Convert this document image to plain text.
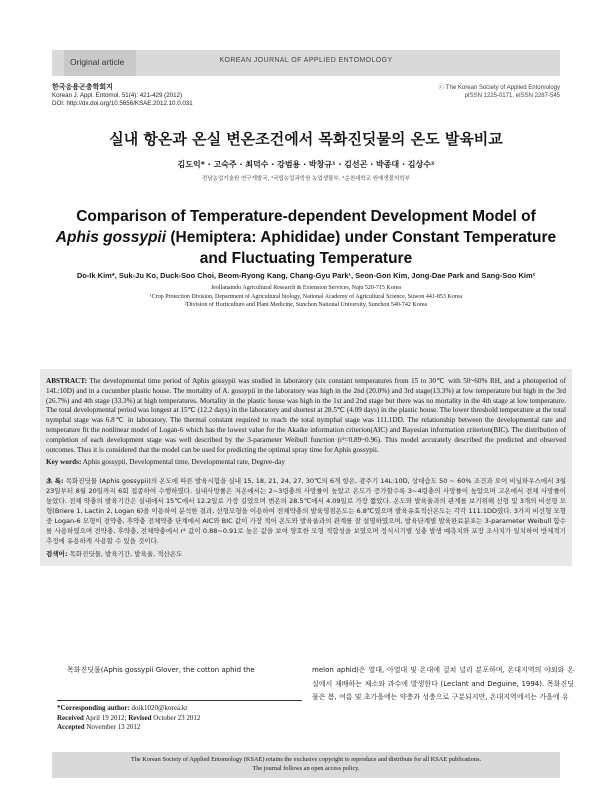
Original article	KOREAN JOURNAL OF APPLIED ENTOMOLOGY
한국응용곤충학회지
Korean J. Appl. Entomol. 51(4): 421-429 (2012)
DOI: http://dx.doi.org/10.5656/KSAE.2012.10.0.031
ⓒ The Korean Society of Applied Entomology
pISSN 1225-0171, eISSN 2287-545
실내 항온과 온실 변온조건에서 목화진딧물의 온도 발육비교
김도익* · 고숙주 · 최덕수 · 강범용 · 박창규¹ · 김선곤 · 박종대 · 김상수²
전남농업기술원 연구개발국, ¹국립농업과학원 농업생물부, ²순천대학교 원예생물의학부
Comparison of Temperature-dependent Development Model of
Aphis gossypii (Hemiptera: Aphididae) under Constant Temperature
and Fluctuating Temperature
Do-Ik Kim*, Suk-Ju Ko, Duck-Soo Choi, Beom-Ryong Kang, Chang-Gyu Park¹, Seon-Gon Kim, Jong-Dae Park and Sang-Soo Kim²
Jeollanamdo Agricultural Research & Extension Services, Naju 520-715 Korea
¹Crop Protection Division, Department of Agricultural biology, National Academy of Agricultural Science, Suwon 441-853 Korea
²Division of Horticulture and Plant Medicine, Sunchon National University, Sunchon 540-742 Korea

ABSTRACT: The developmental time period of Aphis gossypii was studied in laboratory (six constant temperatures from 15 to 30℃ with 50~60% RH, and a photoperiod of 14L:10D) and in a cucumber plastic house. The mortality of A. gossypii in the laboratory was high in the 2nd (20.0%) and 3rd stage(13.3%) at low temperature but high in the 3rd (26.7%) and 4th stage (33.3%) at high temperatures. Mortality in the plastic house was high in the 1st and 2nd stage but there was no mortality in the 4th stage at low temperature. The total developmental period was longest at 15℃ (12.2 days) in the laboratory and shortest at 28.5℃ (4.09 days) in the plastic house. The lower threshold temperature at the total nymphal stage was 6.8℃ in laboratory. The thermal constant required to reach the total nymphal stage was 111.1DD. The relationship between the developmental rate and temperature fit the nonlinear model of Logan-6 which has the lowest value for the Akaike information criterion(AIC) and Bayesian information criterion(BIC). The distribution of completion of each development stage was well described by the 3-parameter Weibull function (r²=0.89~0.96). This model accurately described the predicted and observed outcomes. Thus it is considered that the model can be used for predicting the optimal spray time for Aphis gossypii.

Key words: Aphis gossypii, Developmental time, Developmental rate, Degree-day

초 록: 목화진딧물 (Aphis gossypii)의 온도에 따른 발육시험을 실내 15, 18, 21, 24, 27, 30℃의 6개 항온, 광주기 14L:10D, 상대습도 50 ~ 60% 조건과 오이 비닐하우스에서 3월 23일부터 8월 20일까지 6회 접종하여 수행하였다. 실내사망률은 저온에서는 2~3령충의 사망률이 높았고 온도가 증가할수록 3~4령충의 사망률이 높았으며 고온에서 전체 사망률이 높았다. 전체 약충의 발육기간은 실내에서 15℃에서 12.2일로 가장 길었으며 변온의 28.5℃에서 4.09일로 가장 짧았다. 온도와 발육율과의 관계를 보기위해 선형 및 3개의 비선형 모형(Briere 1, Lactin 2, Logan 6)을 이용하여 분석한 결과, 선형모형을 이용하여 전체약충의 발육영점온도는 6.8℃였으며 발육유효적산온도는 각각 111.1DD였다. 3가지 비선형 모형중 Logan-6 모형이 전약충, 후약충 전체약충 단계에서 AIC와 BIC 값이 가장 적어 온도와 발육율과의 관계를 잘 설명하였으며, 발육단계별 발육완료분포는 3-parameter Weibull 함수를 사용하였으며 전약충, 후약충, 전체약충에서 r² 값이 0.88~0.91로 높은 값을 보여 양호한 모형 적합성을 보였으며 정식시기별 성충 발생 예측치와 포장 조사치가 일치하여 방제적기 추정에 유용하게 사용할 수 있을 것이다.

검색어: 목화진딧물, 발육기간, 발육율, 적산온도

목화진딧물(Aphis gossypii Glover, the cotton aphid the	melon aphid)은 열대, 아열대 및 온대에 걸쳐 널리 분포하며, 온대지역의 야외와 온실에서 재배하는 채소와 과수에 발생한다 (Leclant and Deguine, 1994). 목화진딧물은 봄, 여름 및 초가을에는 약충과 성충으로 구분되지만, 온대지역에서는 가을에 유
*Corresponding author: doik1020@korea.kr
Received April 19 2012; Revised October 23 2012
Accepted November 13 2012
The Korean Society of Applied Entomology (KSAE) retains the exclusive copyright to reproduce and distribute for all KSAE publications.
The journal follows an open access policy.
